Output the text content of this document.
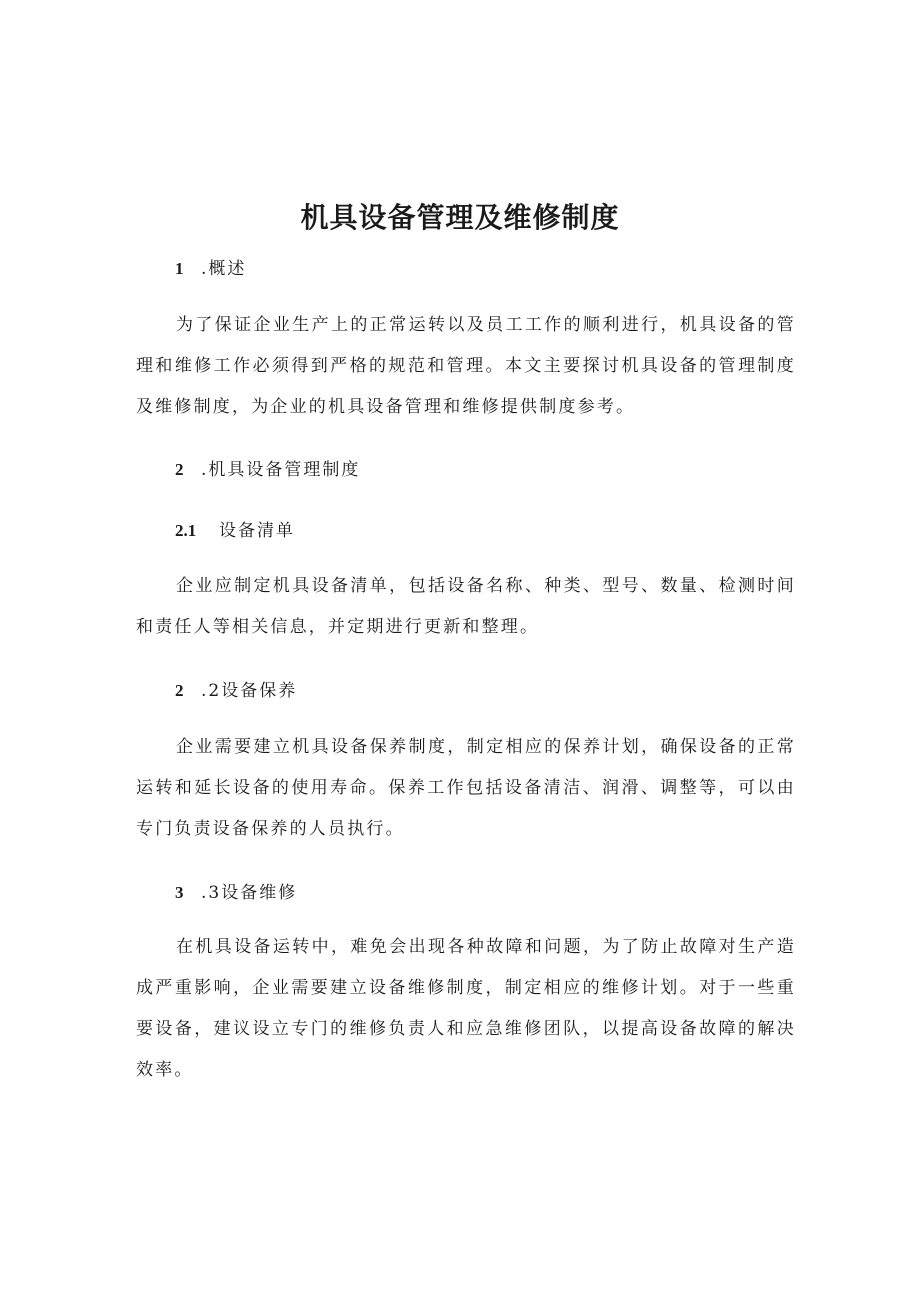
机具设备管理及维修制度
1 .概述
为了保证企业生产上的正常运转以及员工工作的顺利进行，机具设备的管理和维修工作必须得到严格的规范和管理。本文主要探讨机具设备的管理制度及维修制度，为企业的机具设备管理和维修提供制度参考。
2 .机具设备管理制度
2.1 设备清单
企业应制定机具设备清单，包括设备名称、种类、型号、数量、检测时间和责任人等相关信息，并定期进行更新和整理。
2 .2设备保养
企业需要建立机具设备保养制度，制定相应的保养计划，确保设备的正常运转和延长设备的使用寿命。保养工作包括设备清洁、润滑、调整等，可以由专门负责设备保养的人员执行。
3 .3设备维修
在机具设备运转中，难免会出现各种故障和问题，为了防止故障对生产造成严重影响，企业需要建立设备维修制度，制定相应的维修计划。对于一些重要设备，建议设立专门的维修负责人和应急维修团队，以提高设备故障的解决效率。
